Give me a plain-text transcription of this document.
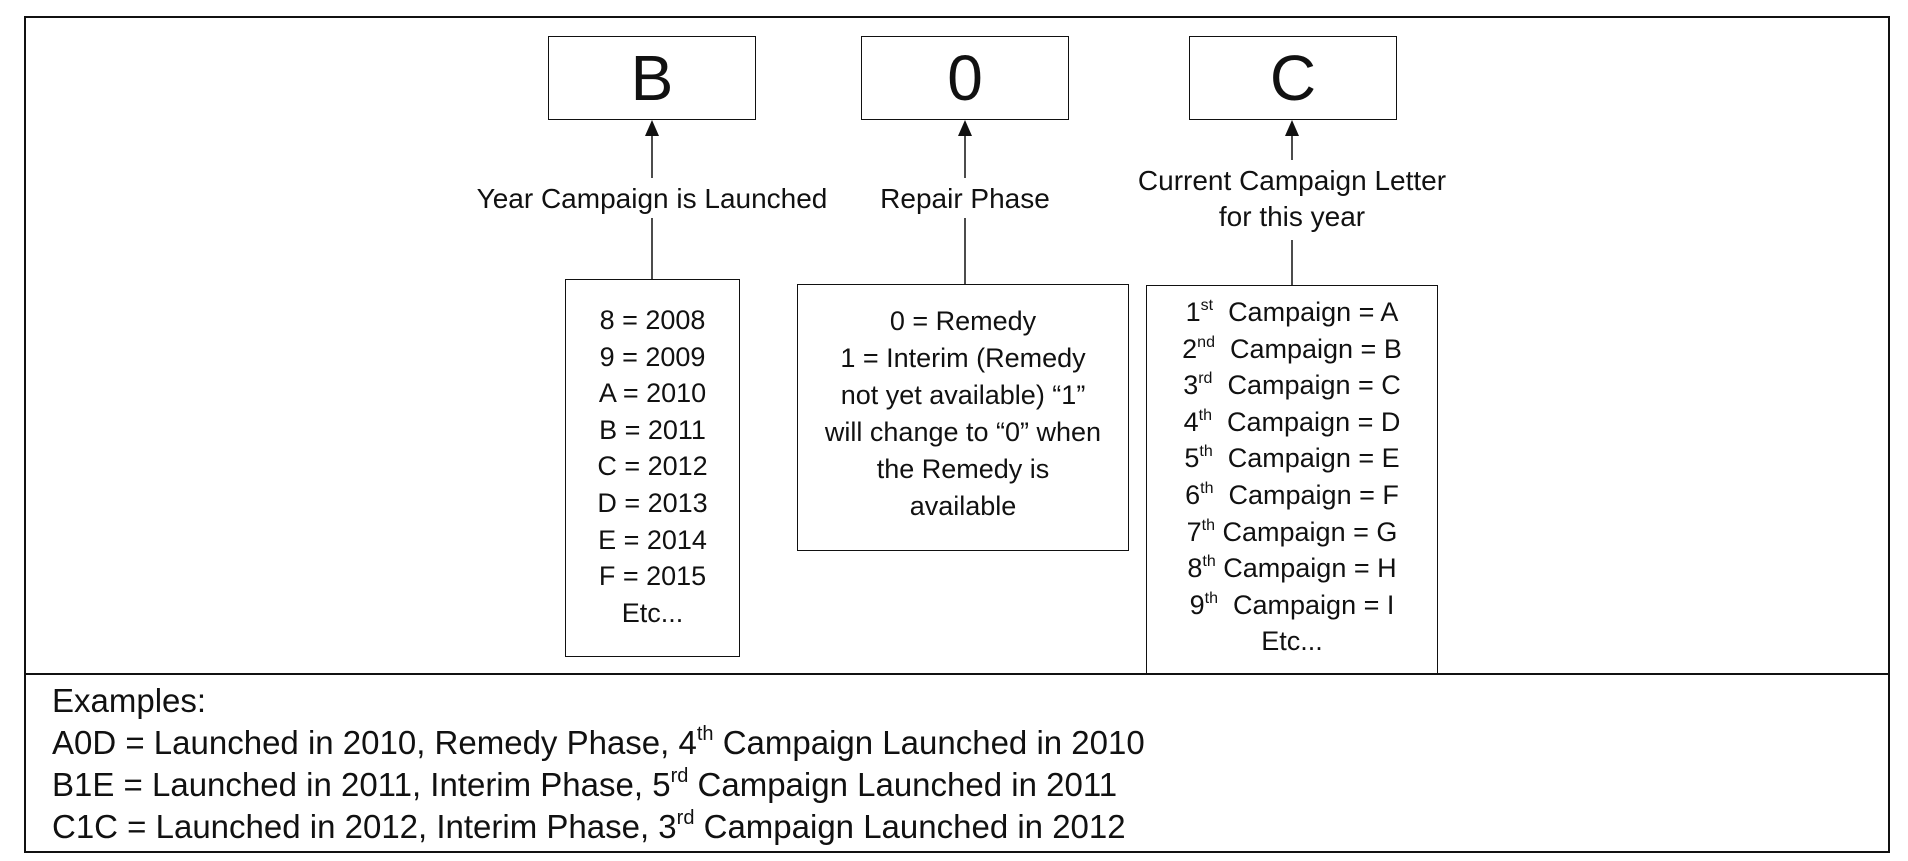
B	0	C
Year Campaign is Launched	Repair Phase
Current Campaign Letter
for this year
8 = 2008
9 = 2009
A = 2010
B = 2011
C = 2012
D = 2013
E = 2014
F = 2015
Etc...
0 = Remedy
1 = Interim (Remedy
not yet available) “1”
will change to “0” when
the Remedy is
available
1st Campaign = A
2nd Campaign = B
3rd Campaign = C
4th Campaign = D
5th Campaign = E
6th Campaign = F
7th Campaign = G
8th Campaign = H
9th Campaign = I
Etc...
Examples:
A0D = Launched in 2010, Remedy Phase, 4th Campaign Launched in 2010
B1E = Launched in 2011, Interim Phase, 5rd Campaign Launched in 2011
C1C = Launched in 2012, Interim Phase, 3rd Campaign Launched in 2012
